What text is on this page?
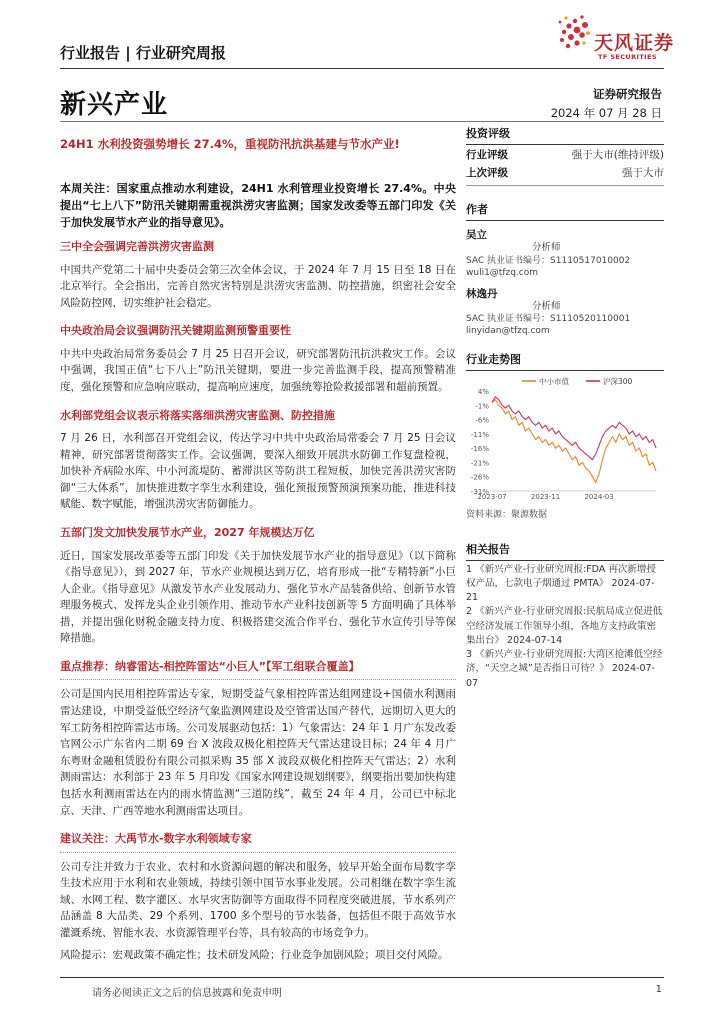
行业报告 | 行业研究周报	天风证券
TF SECURITIES
新兴产业	证券研究报告
2024 年 07 月 28 日
24H1 水利投资强势增长 27.4%，重视防汛抗洪基建与节水产业!
本周关注：国家重点推动水利建设，24H1 水利管理业投资增长 27.4%。中央提出“七上八下”防汛关键期需重视洪涝灾害监测；国家发改委等五部门印发《关于加快发展节水产业的指导意见》。
三中全会强调完善洪涝灾害监测
中国共产党第二十届中央委员会第三次全体会议，于 2024 年 7 月 15 日至 18 日在北京举行。全会指出，完善自然灾害特别是洪涝灾害监测、防控措施，织密社会安全风险防控网，切实维护社会稳定。
中央政治局会议强调防汛关键期监测预警重要性
中共中央政治局常务委员会 7 月 25 日召开会议，研究部署防汛抗洪救灾工作。会议中强调，我国正值“七下八上”防汛关键期，要进一步完善监测手段，提高预警精准度，强化预警和应急响应联动，提高响应速度，加强统筹抢险救援部署和超前预置。
水利部党组会议表示将落实落细洪涝灾害监测、防控措施
7 月 26 日，水利部召开党组会议，传达学习中共中央政治局常委会 7 月 25 日会议精神，研究部署贯彻落实工作。会议强调，要深入细致开展洪水防御工作复盘检视，加快补齐病险水库、中小河流堤防、蓄滞洪区等防洪工程短板，加快完善洪涝灾害防御“三大体系”，加快推进数字孪生水利建设，强化预报预警预演预案功能，推进科技赋能、数字赋能，增强洪涝灾害防御能力。
五部门发文加快发展节水产业，2027 年规模达万亿
近日，国家发展改革委等五部门印发《关于加快发展节水产业的指导意见》（以下简称《指导意见》），到 2027 年，节水产业规模达到万亿，培育形成一批“专精特新”小巨人企业。《指导意见》从激发节水产业发展动力、强化节水产品装备供给、创新节水管理服务模式、发挥龙头企业引领作用、推动节水产业科技创新等 5 方面明确了具体举措，并提出强化财税金融支持力度、积极搭建交流合作平台、强化节水宣传引导等保障措施。
重点推荐：纳睿雷达-相控阵雷达“小巨人”【军工组联合覆盖】
公司是国内民用相控阵雷达专家，短期受益气象相控阵雷达组网建设+国债水利测雨雷达建设，中期受益低空经济气象监测网建设及空管雷达国产替代，远期切入更大的军工防务相控阵雷达市场。公司发展驱动包括：1）气象雷达：24 年 1 月广东发改委官网公示广东省内二期 69 台 X 波段双极化相控阵天气雷达建设目标；24 年 4 月广东粤财金融租赁股份有限公司拟采购 35 部 X 波段双极化相控阵天气雷达；2）水利测雨雷达：水利部于 23 年 5 月印发《国家水网建设规划纲要》，纲要指出要加快构建包括水利测雨雷达在内的雨水情监测“三道防线”，截至 24 年 4 月，公司已中标北京、天津、广西等地水利测雨雷达项目。
建议关注：大禹节水-数字水利领域专家
公司专注并致力于农业、农村和水资源问题的解决和服务，较早开始全面布局数字孪生技术应用于水利和农业领域，持续引领中国节水事业发展。公司相继在数字孪生流域、水网工程、数字灌区、水旱灾害防御等方面取得不同程度突破进展，节水系列产品涵盖 8 大品类、29 个系列、1700 多个型号的节水装备，包括但不限于高效节水灌溉系统、智能水表、水资源管理平台等，具有较高的市场竞争力。
风险提示：宏观政策不确定性；技术研发风险；行业竞争加剧风险；项目交付风险。
投资评级
行业评级	强于大市(维持评级)
上次评级	强于大市
作者
吴立
分析师
SAC 执业证书编号：S1110517010002
wuli1@tfzq.com
林逸丹
分析师
SAC 执业证书编号：S1110520110001
linyidan@tfzq.com
行业走势图
4%
-1%
-6%
-11%
-16%
-21%
-26%
-31%
2023-07	2023-11	2024-03
中小市值	沪深300
资料来源：聚源数据
相关报告
1 《新兴产业-行业研究周报:FDA 再次新增授权产品，七款电子烟通过 PMTA》 2024-07-21
2 《新兴产业-行业研究周报:民航局成立促进低空经济发展工作领导小组，各地方支持政策密集出台》 2024-07-14
3 《新兴产业-行业研究周报:大湾区抢滩低空经济，“天空之城”是否指日可待？》 2024-07-07
请务必阅读正文之后的信息披露和免责申明	1
